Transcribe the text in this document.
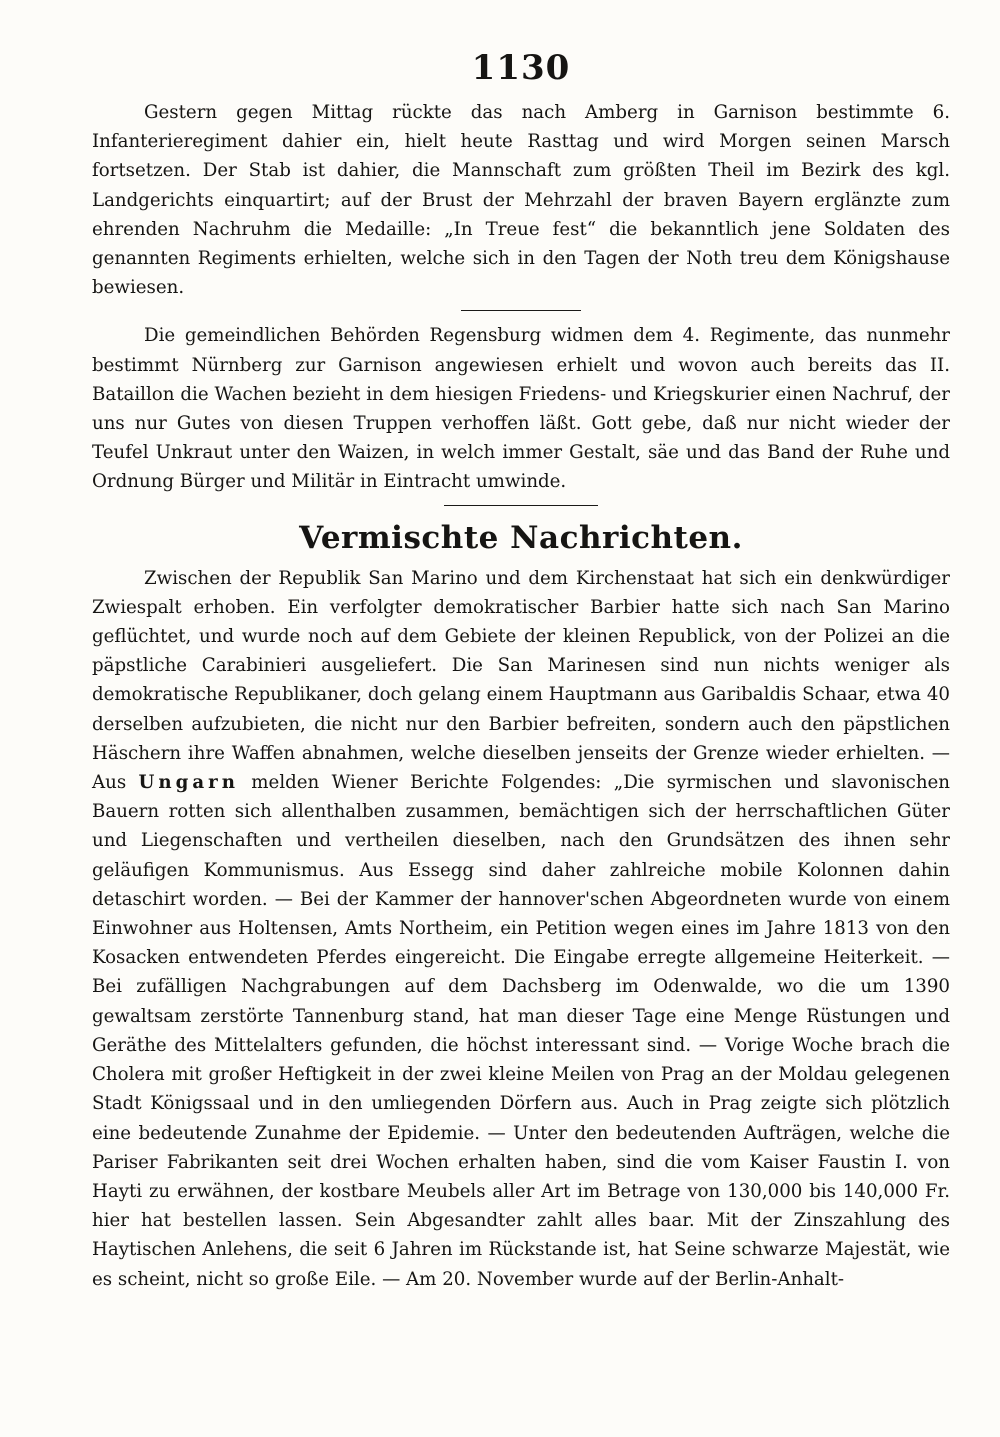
1130

Gestern gegen Mittag rückte das nach Amberg in Garnison bestimmte 6. Infanterieregiment dahier ein, hielt heute Rasttag und wird Morgen seinen Marsch fortsetzen. Der Stab ist dahier, die Mannschaft zum größten Theil im Bezirk des kgl. Landgerichts einquartirt; auf der Brust der Mehrzahl der braven Bayern erglänzte zum ehrenden Nachruhm die Medaille: „In Treue fest“ die bekanntlich jene Soldaten des genannten Regiments erhielten, welche sich in den Tagen der Noth treu dem Königshause bewiesen.

Die gemeindlichen Behörden Regensburg widmen dem 4. Regimente, das nunmehr bestimmt Nürnberg zur Garnison angewiesen erhielt und wovon auch bereits das II. Bataillon die Wachen bezieht in dem hiesigen Friedens- und Kriegskurier einen Nachruf, der uns nur Gutes von diesen Truppen verhoffen läßt. Gott gebe, daß nur nicht wieder der Teufel Unkraut unter den Waizen, in welch immer Gestalt, säe und das Band der Ruhe und Ordnung Bürger und Militär in Eintracht umwinde.

Vermischte Nachrichten.

Zwischen der Republik San Marino und dem Kirchenstaat hat sich ein denkwürdiger Zwiespalt erhoben. Ein verfolgter demokratischer Barbier hatte sich nach San Marino geflüchtet, und wurde noch auf dem Gebiete der kleinen Republick, von der Polizei an die päpstliche Carabinieri ausgeliefert. Die San Marinesen sind nun nichts weniger als demokratische Republikaner, doch gelang einem Hauptmann aus Garibaldis Schaar, etwa 40 derselben aufzubieten, die nicht nur den Barbier befreiten, sondern auch den päpstlichen Häschern ihre Waffen abnahmen, welche dieselben jenseits der Grenze wieder erhielten. — Aus Ungarn melden Wiener Berichte Folgendes: „Die syrmischen und slavonischen Bauern rotten sich allenthalben zusammen, bemächtigen sich der herrschaftlichen Güter und Liegenschaften und vertheilen dieselben, nach den Grundsätzen des ihnen sehr geläufigen Kommunismus. Aus Essegg sind daher zahlreiche mobile Kolonnen dahin detaschirt worden. — Bei der Kammer der hannover'schen Abgeordneten wurde von einem Einwohner aus Holtensen, Amts Northeim, ein Petition wegen eines im Jahre 1813 von den Kosacken entwendeten Pferdes eingereicht. Die Eingabe erregte allgemeine Heiterkeit. — Bei zufälligen Nachgrabungen auf dem Dachsberg im Odenwalde, wo die um 1390 gewaltsam zerstörte Tannenburg stand, hat man dieser Tage eine Menge Rüstungen und Geräthe des Mittelalters gefunden, die höchst interessant sind. — Vorige Woche brach die Cholera mit großer Heftigkeit in der zwei kleine Meilen von Prag an der Moldau gelegenen Stadt Königssaal und in den umliegenden Dörfern aus. Auch in Prag zeigte sich plötzlich eine bedeutende Zunahme der Epidemie. — Unter den bedeutenden Aufträgen, welche die Pariser Fabrikanten seit drei Wochen erhalten haben, sind die vom Kaiser Faustin I. von Hayti zu erwähnen, der kostbare Meubels aller Art im Betrage von 130,000 bis 140,000 Fr. hier hat bestellen lassen. Sein Abgesandter zahlt alles baar. Mit der Zinszahlung des Haytischen Anlehens, die seit 6 Jahren im Rückstande ist, hat Seine schwarze Majestät, wie es scheint, nicht so große Eile. — Am 20. November wurde auf der Berlin-Anhalt-
